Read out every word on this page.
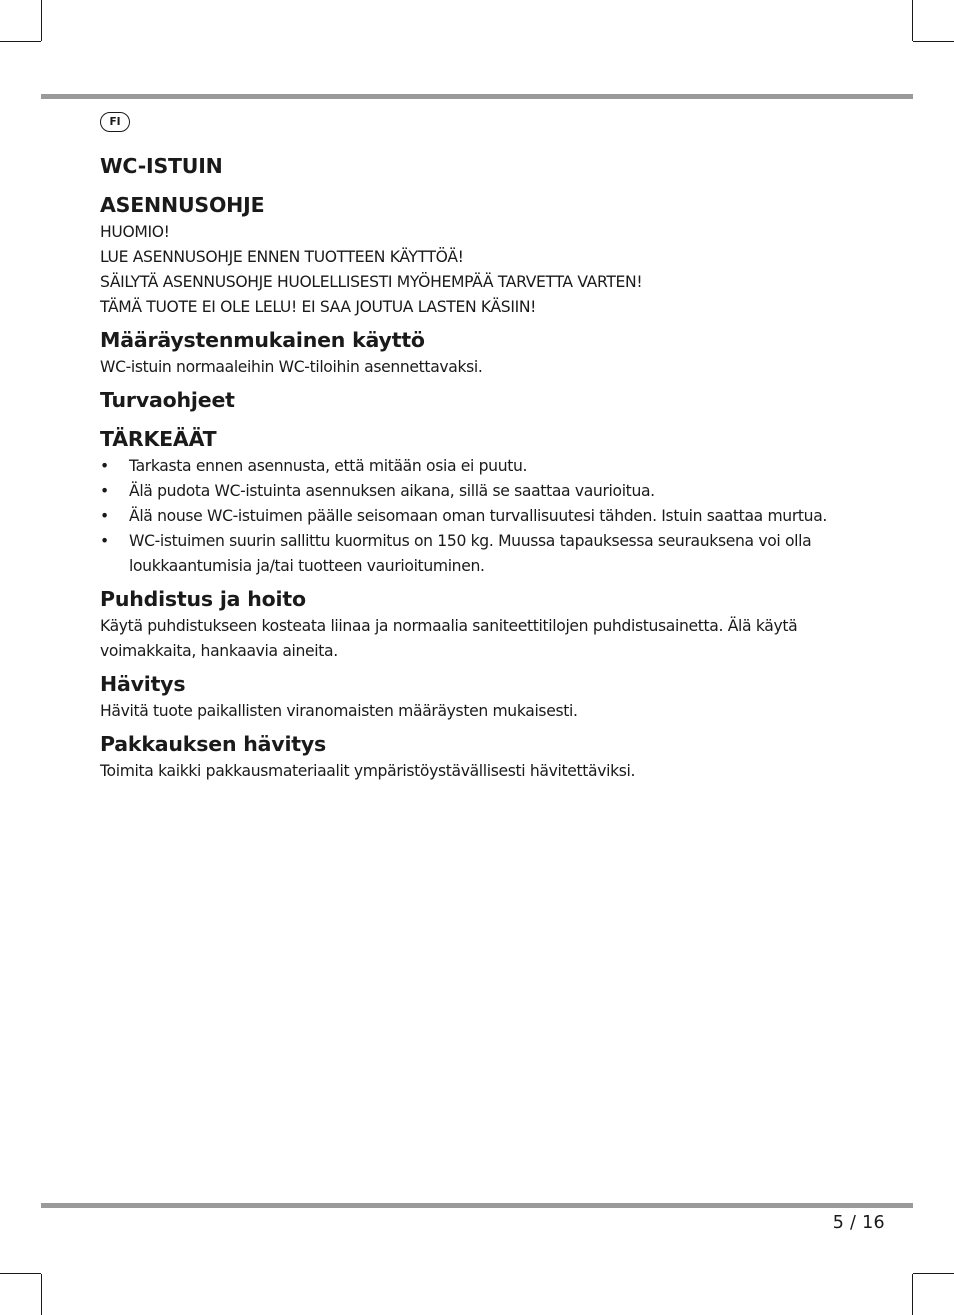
FI
WC-ISTUIN
ASENNUSOHJE

HUOMIO!

LUE ASENNUSOHJE ENNEN TUOTTEEN KÄYTTÖÄ!

SÄILYTÄ ASENNUSOHJE HUOLELLISESTI MYÖHEMPÄÄ TARVETTA VARTEN!

TÄMÄ TUOTE EI OLE LELU! EI SAA JOUTUA LASTEN KÄSIIN!

Määräystenmukainen käyttö

WC-istuin normaaleihin WC-tiloihin asennettavaksi.

Turvaohjeet
TÄRKEÄÄT
• Tarkasta ennen asennusta, että mitään osia ei puutu.
• Älä pudota WC-istuinta asennuksen aikana, sillä se saattaa vaurioitua.
• Älä nouse WC-istuimen päälle seisomaan oman turvallisuutesi tähden. Istuin saattaa murtua.
• WC-istuimen suurin sallittu kuormitus on 150 kg. Muussa tapauksessa seurauksena voi olla loukkaantumisia ja/tai tuotteen vaurioituminen.
Puhdistus ja hoito

Käytä puhdistukseen kosteata liinaa ja normaalia saniteettitilojen puhdistusainetta. Älä käytä voimakkaita, hankaavia aineita.

Hävitys

Hävitä tuote paikallisten viranomaisten määräysten mukaisesti.

Pakkauksen hävitys

Toimita kaikki pakkausmateriaalit ympäristöystävällisesti hävitettäviksi.

5 / 16
